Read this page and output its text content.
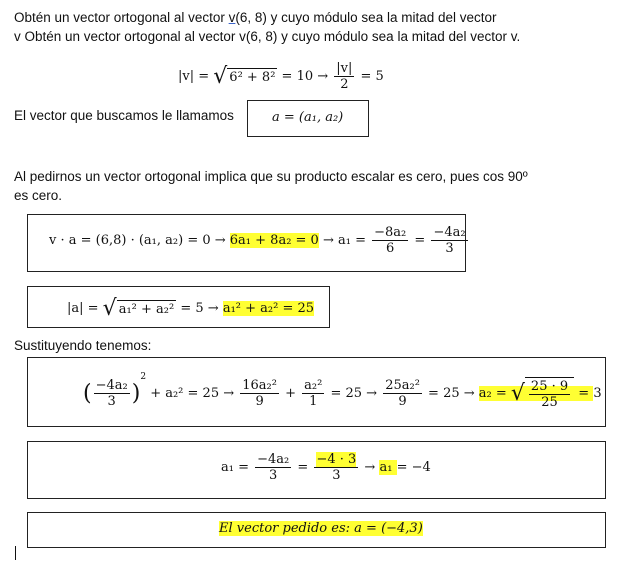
Obtén un vector ortogonal al vector v(6, 8) y cuyo módulo sea la mitad del vector
v Obtén un vector ortogonal al vector v(6, 8) y cuyo módulo sea la mitad del vector v.
|v| = √ $6^2 + 8^2 = 10 \to \frac{|v|}{2} = 5$
El vector que buscamos le llamamos	a = (a₁, a₂)
Al pedirnos un vector ortogonal implica que su producto escalar es cero, pues cos 90º
es cero.
v · a = (6,8) · (a₁, $a_2) = 0 \to 6a_1 + 8a_2 = 0 \to a_1 = \frac{\text{−8a₂}}{6} = \frac{\text{−4a₂}}{3}$
|a| = √ a₁² + a₂² = 5 → a₁² + a₂² = 25
Sustituyendo tenemos:
( $\frac{\text{−4a₂}}{3} )^2 + a_2^2 = 25 \to \frac{\text{16a₂²}}{9} + \frac{\text{a₂²}}{1} = 25 \to \frac{\text{25a₂²}}{9} = 25 \to a_2$ = √ $\frac{25 \cdot 9}{25} = 3$
$a_1 = \frac{\text{−4a₂}}{3} = \frac{-4 \cdot 3}{3} \to a_1 = -4$
El vector pedido es: a = (−4,3)
